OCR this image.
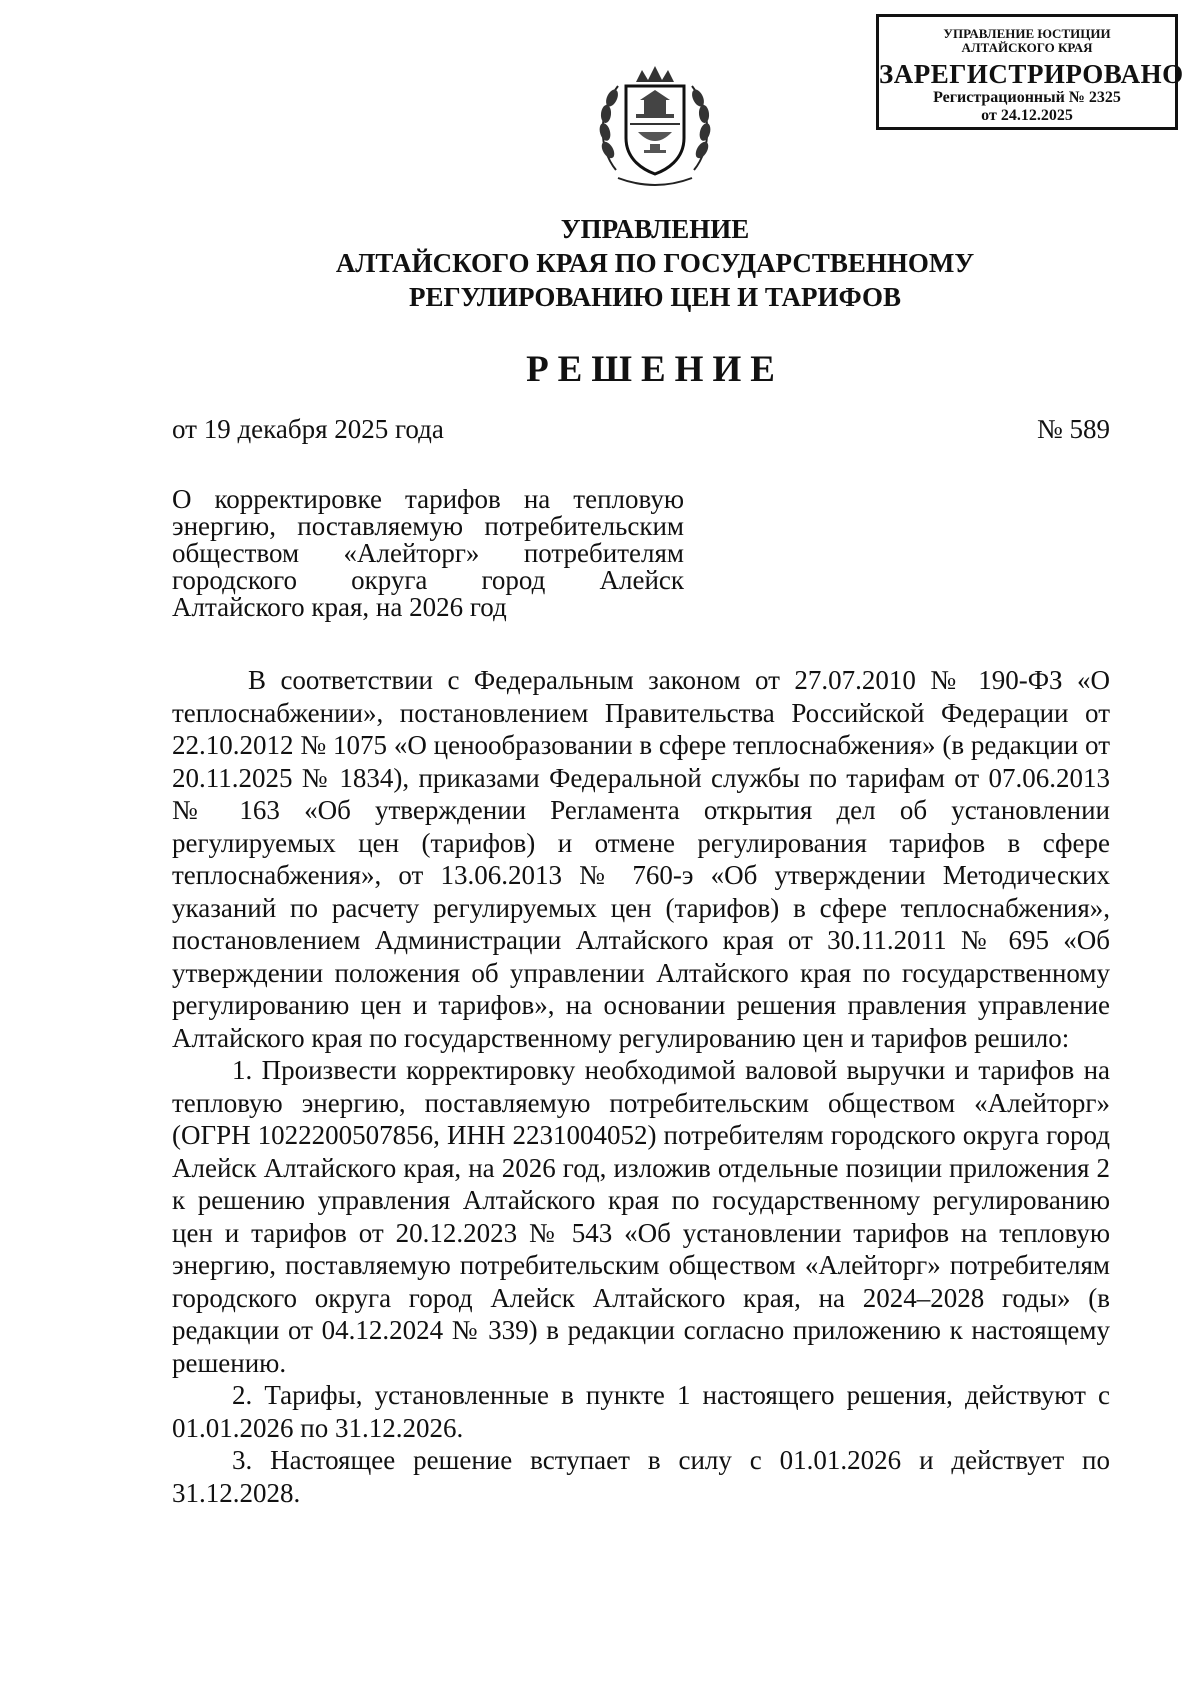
УПРАВЛЕНИЕ ЮСТИЦИИ
АЛТАЙСКОГО КРАЯ
ЗАРЕГИСТРИРОВАНО
Регистрационный № 2325
от 24.12.2025
УПРАВЛЕНИЕ
АЛТАЙСКОГО КРАЯ ПО ГОСУДАРСТВЕННОМУ
РЕГУЛИРОВАНИЮ ЦЕН И ТАРИФОВ
РЕШЕНИЕ
от 19 декабря 2025 года	№ 589
О корректировке тарифов на тепловую
энергию, поставляемую потребительским
обществом «Алейторг» потребителям
городского округа город Алейск
Алтайского края, на 2026 год

В соответствии с Федеральным законом от 27.07.2010 № 190-ФЗ «О теплоснабжении», постановлением Правительства Российской Федерации от 22.10.2012 № 1075 «О ценообразовании в сфере теплоснабжения» (в редакции от 20.11.2025 № 1834), приказами Федеральной службы по тарифам от 07.06.2013 № 163 «Об утверждении Регламента открытия дел об установлении регулируемых цен (тарифов) и отмене регулирования тарифов в сфере теплоснабжения», от 13.06.2013 № 760-э «Об утверждении Методических указаний по расчету регулируемых цен (тарифов) в сфере теплоснабжения», постановлением Администрации Алтайского края от 30.11.2011 № 695 «Об утверждении положения об управлении Алтайского края по государственному регулированию цен и тарифов», на основании решения правления управление Алтайского края по государственному регулированию цен и тарифов решило:

1. Произвести корректировку необходимой валовой выручки и тарифов на тепловую энергию, поставляемую потребительским обществом «Алейторг» (ОГРН 1022200507856, ИНН 2231004052) потребителям городского округа город Алейск Алтайского края, на 2026 год, изложив отдельные позиции приложения 2 к решению управления Алтайского края по государственному регулированию цен и тарифов от 20.12.2023 № 543 «Об установлении тарифов на тепловую энергию, поставляемую потребительским обществом «Алейторг» потребителям городского округа город Алейск Алтайского края, на 2024–2028 годы» (в редакции от 04.12.2024 № 339) в редакции согласно приложению к настоящему решению.

2. Тарифы, установленные в пункте 1 настоящего решения, действуют с 01.01.2026 по 31.12.2026.

3. Настоящее решение вступает в силу с 01.01.2026 и действует по 31.12.2028.
